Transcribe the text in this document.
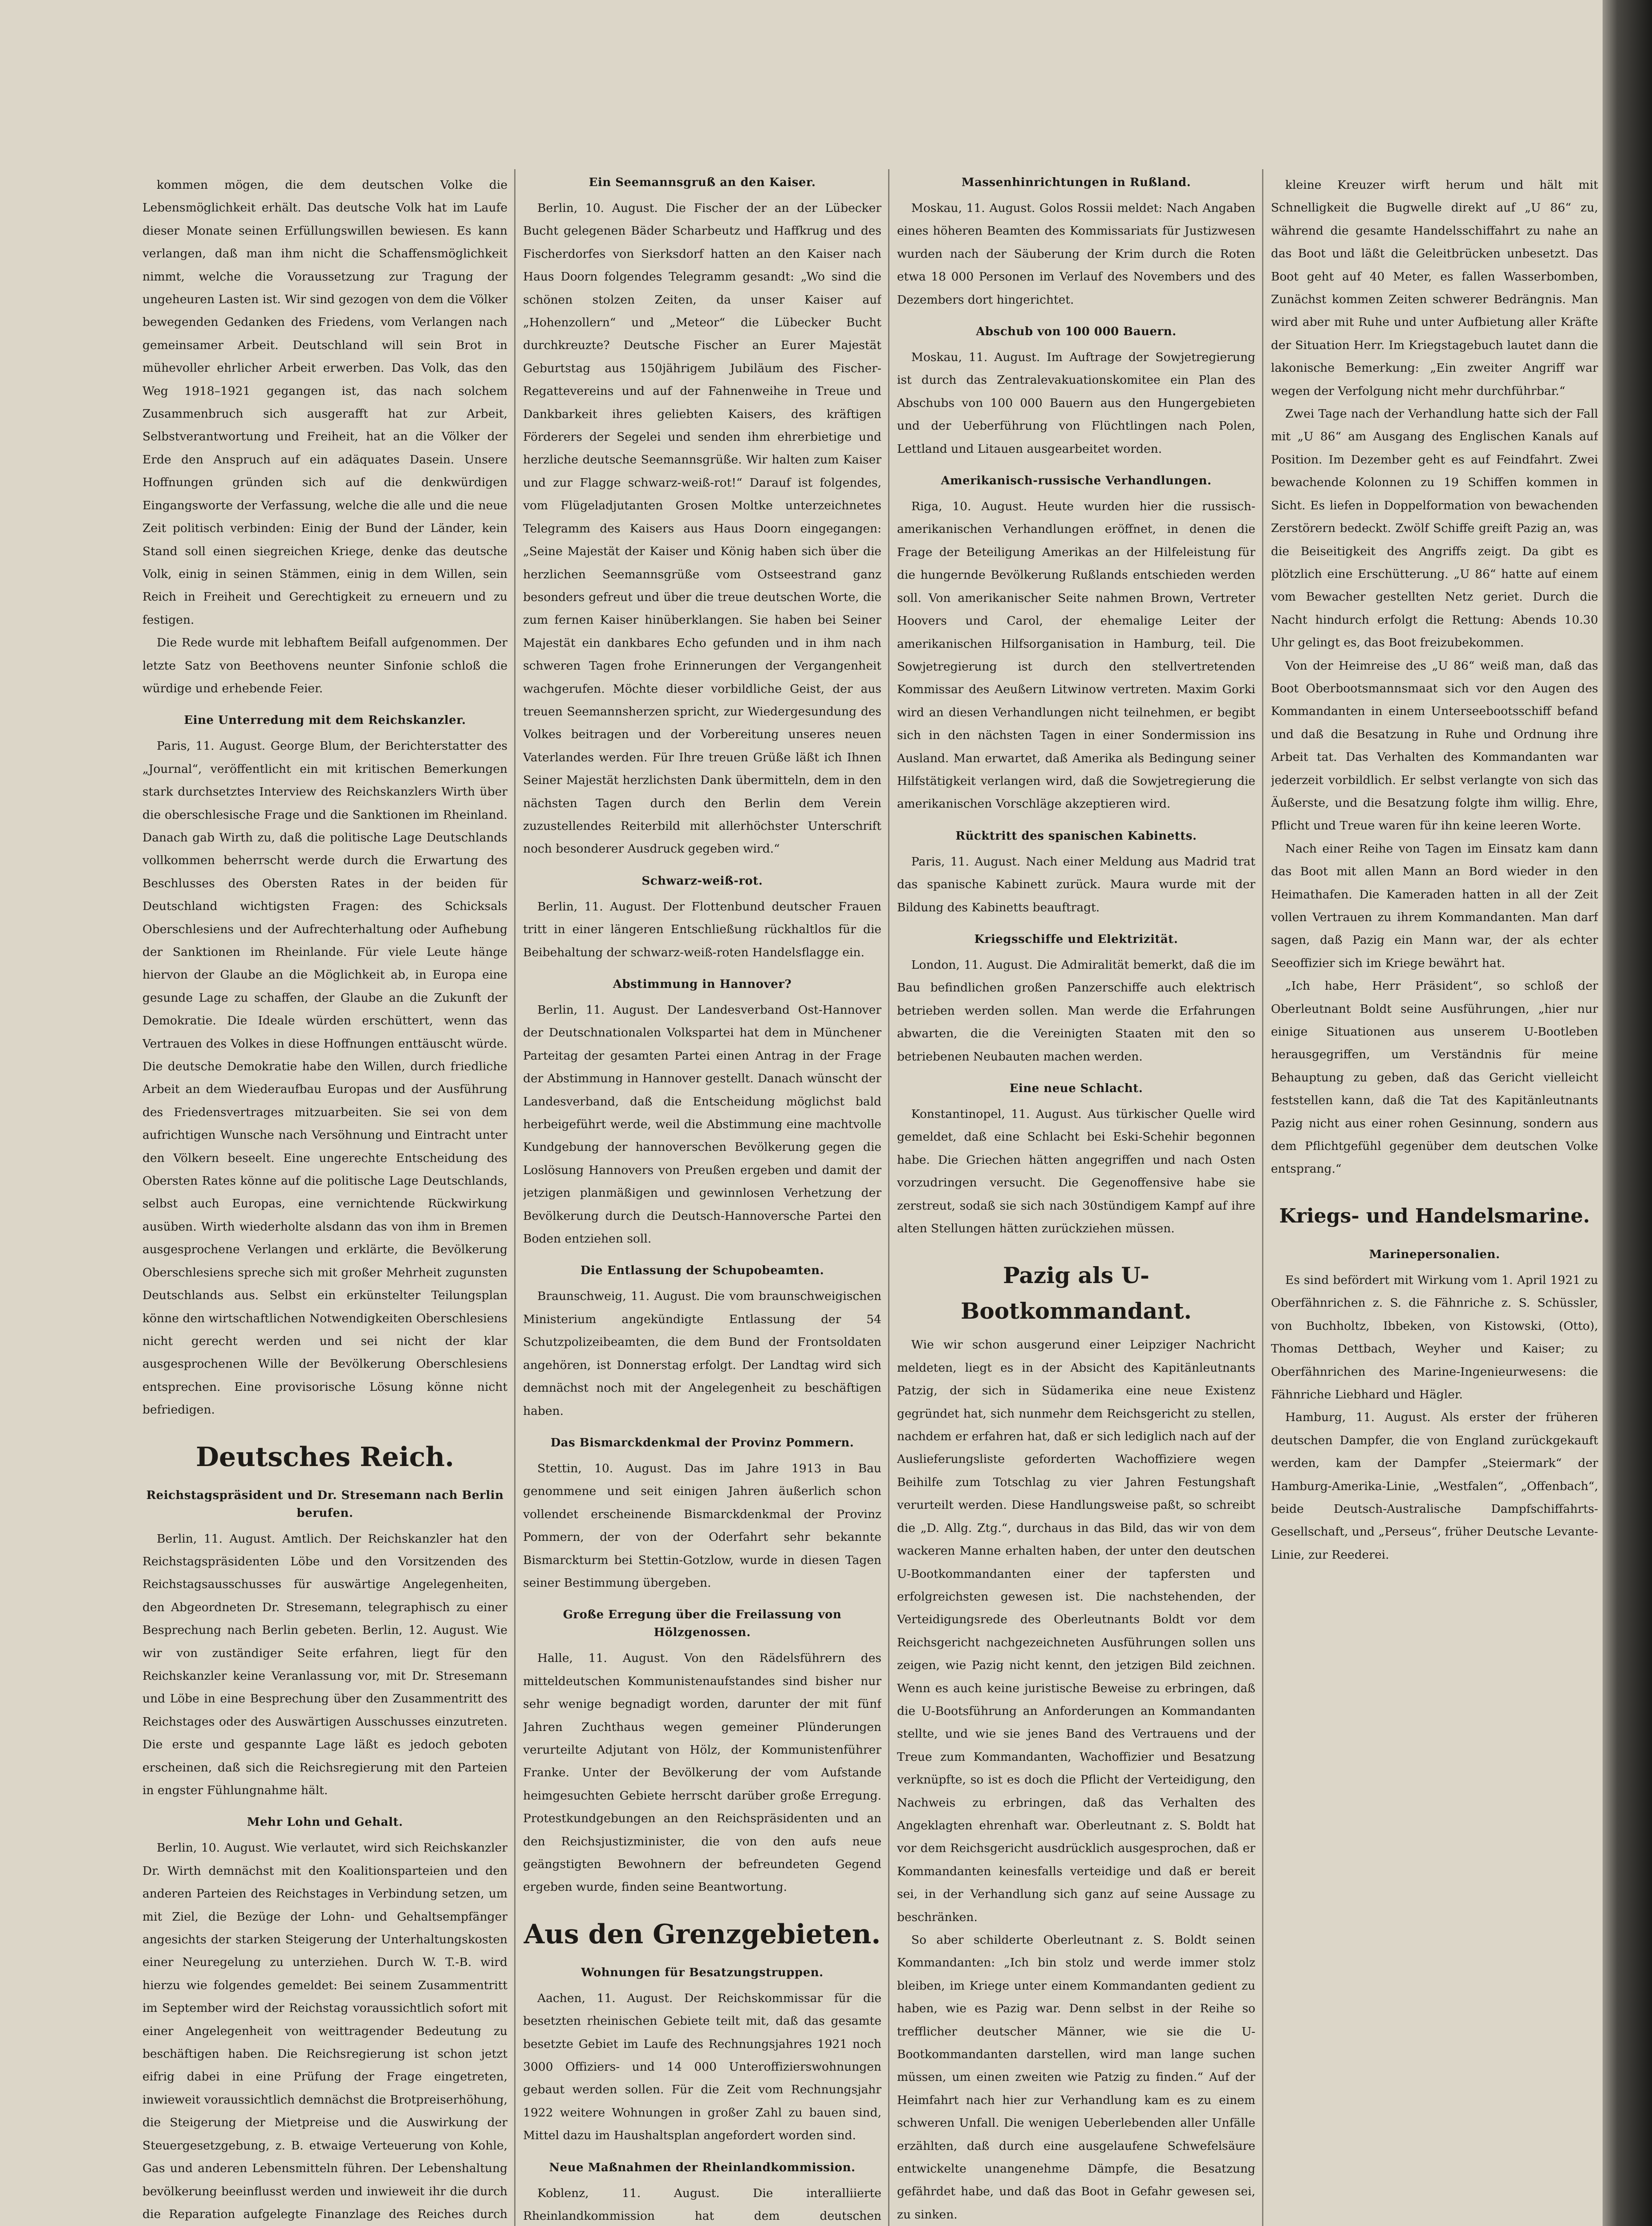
kommen mögen, die dem deutschen Volke die Lebensmöglichkeit erhält. Das deutsche Volk hat im Laufe dieser Monate seinen Erfüllungswillen bewiesen. Es kann verlangen, daß man ihm nicht die Schaffensmöglichkeit nimmt, welche die Voraussetzung zur Tragung der ungeheuren Lasten ist. Wir sind gezogen von dem die Völker bewegenden Gedanken des Friedens, vom Verlangen nach gemeinsamer Arbeit. Deutschland will sein Brot in mühevoller ehrlicher Arbeit erwerben. Das Volk, das den Weg 1918–1921 gegangen ist, das nach solchem Zusammenbruch sich ausgerafft hat zur Arbeit, Selbstverantwortung und Freiheit, hat an die Völker der Erde den Anspruch auf ein adäquates Dasein. Unsere Hoffnungen gründen sich auf die denkwürdigen Eingangsworte der Verfassung, welche die alle und die neue Zeit politisch verbinden: Einig der Bund der Länder, kein Stand soll einen siegreichen Kriege, denke das deutsche Volk, einig in seinen Stämmen, einig in dem Willen, sein Reich in Freiheit und Gerechtigkeit zu erneuern und zu festigen.

Die Rede wurde mit lebhaftem Beifall aufgenommen. Der letzte Satz von Beethovens neunter Sinfonie schloß die würdige und erhebende Feier.

Eine Unterredung mit dem Reichskanzler.

Paris, 11. August. George Blum, der Berichterstatter des „Journal“, veröffentlicht ein mit kritischen Bemerkungen stark durchsetztes Interview des Reichskanzlers Wirth über die oberschlesische Frage und die Sanktionen im Rheinland. Danach gab Wirth zu, daß die politische Lage Deutschlands vollkommen beherrscht werde durch die Erwartung des Beschlusses des Obersten Rates in der beiden für Deutschland wichtigsten Fragen: des Schicksals Oberschlesiens und der Aufrechterhaltung oder Aufhebung der Sanktionen im Rheinlande. Für viele Leute hänge hiervon der Glaube an die Möglichkeit ab, in Europa eine gesunde Lage zu schaffen, der Glaube an die Zukunft der Demokratie. Die Ideale würden erschüttert, wenn das Vertrauen des Volkes in diese Hoffnungen enttäuscht würde. Die deutsche Demokratie habe den Willen, durch friedliche Arbeit an dem Wiederaufbau Europas und der Ausführung des Friedensvertrages mitzuarbeiten. Sie sei von dem aufrichtigen Wunsche nach Versöhnung und Eintracht unter den Völkern beseelt. Eine ungerechte Entscheidung des Obersten Rates könne auf die politische Lage Deutschlands, selbst auch Europas, eine vernichtende Rückwirkung ausüben. Wirth wiederholte alsdann das von ihm in Bremen ausgesprochene Verlangen und erklärte, die Bevölkerung Oberschlesiens spreche sich mit großer Mehrheit zugunsten Deutschlands aus. Selbst ein erkünstelter Teilungsplan könne den wirtschaftlichen Notwendigkeiten Oberschlesiens nicht gerecht werden und sei nicht der klar ausgesprochenen Wille der Bevölkerung Oberschlesiens entsprechen. Eine provisorische Lösung könne nicht befriedigen.

Deutsches Reich.
Reichstagspräsident und Dr. Stresemann nach Berlin berufen.

Berlin, 11. August. Amtlich. Der Reichskanzler hat den Reichstagspräsidenten Löbe und den Vorsitzenden des Reichstagsausschusses für auswärtige Angelegenheiten, den Abgeordneten Dr. Stresemann, telegraphisch zu einer Besprechung nach Berlin gebeten. Berlin, 12. August. Wie wir von zuständiger Seite erfahren, liegt für den Reichskanzler keine Veranlassung vor, mit Dr. Stresemann und Löbe in eine Besprechung über den Zusammentritt des Reichstages oder des Auswärtigen Ausschusses einzutreten. Die erste und gespannte Lage läßt es jedoch geboten erscheinen, daß sich die Reichsregierung mit den Parteien in engster Fühlungnahme hält.

Mehr Lohn und Gehalt.

Berlin, 10. August. Wie verlautet, wird sich Reichskanzler Dr. Wirth demnächst mit den Koalitionsparteien und den anderen Parteien des Reichstages in Verbindung setzen, um mit Ziel, die Bezüge der Lohn- und Gehaltsempfänger angesichts der starken Steigerung der Unterhaltungskosten einer Neuregelung zu unterziehen. Durch W. T.-B. wird hierzu wie folgendes gemeldet: Bei seinem Zusammentritt im September wird der Reichstag voraussichtlich sofort mit einer Angelegenheit von weittragender Bedeutung zu beschäftigen haben. Die Reichsregierung ist schon jetzt eifrig dabei in eine Prüfung der Frage eingetreten, inwieweit voraussichtlich demnächst die Brotpreiserhöhung, die Steigerung der Mietpreise und die Auswirkung der Steuergesetzgebung, z. B. etwaige Verteuerung von Kohle, Gas und anderen Lebensmitteln führen. Der Lebenshaltung bevölkerung beeinflusst werden und inwieweit ihr die durch die Reparation aufgelegte Finanzlage des Reiches durch

Ein Seemannsgruß an den Kaiser.

Berlin, 10. August. Die Fischer der an der Lübecker Bucht gelegenen Bäder Scharbeutz und Haffkrug und des Fischerdorfes von Sierksdorf hatten an den Kaiser nach Haus Doorn folgendes Telegramm gesandt: „Wo sind die schönen stolzen Zeiten, da unser Kaiser auf „Hohenzollern“ und „Meteor“ die Lübecker Bucht durchkreuzte? Deutsche Fischer an Eurer Majestät Geburtstag aus 150jährigem Jubiläum des Fischer-Regattevereins und auf der Fahnenweihe in Treue und Dankbarkeit ihres geliebten Kaisers, des kräftigen Förderers der Segelei und senden ihm ehrerbietige und herzliche deutsche Seemannsgrüße. Wir halten zum Kaiser und zur Flagge schwarz-weiß-rot!“ Darauf ist folgendes, vom Flügeladjutanten Grosen Moltke unterzeichnetes Telegramm des Kaisers aus Haus Doorn eingegangen: „Seine Majestät der Kaiser und König haben sich über die herzlichen Seemannsgrüße vom Ostseestrand ganz besonders gefreut und über die treue deutschen Worte, die zum fernen Kaiser hinüberklangen. Sie haben bei Seiner Majestät ein dankbares Echo gefunden und in ihm nach schweren Tagen frohe Erinnerungen der Vergangenheit wachgerufen. Möchte dieser vorbildliche Geist, der aus treuen Seemannsherzen spricht, zur Wiedergesundung des Volkes beitragen und der Vorbereitung unseres neuen Vaterlandes werden. Für Ihre treuen Grüße läßt ich Ihnen Seiner Majestät herzlichsten Dank übermitteln, dem in den nächsten Tagen durch den Berlin dem Verein zuzustellendes Reiterbild mit allerhöchster Unterschrift noch besonderer Ausdruck gegeben wird.“

Schwarz-weiß-rot.

Berlin, 11. August. Der Flottenbund deutscher Frauen tritt in einer längeren Entschließung rückhaltlos für die Beibehaltung der schwarz-weiß-roten Handelsflagge ein.

Abstimmung in Hannover?

Berlin, 11. August. Der Landesverband Ost-Hannover der Deutschnationalen Volkspartei hat dem in Münchener Parteitag der gesamten Partei einen Antrag in der Frage der Abstimmung in Hannover gestellt. Danach wünscht der Landesverband, daß die Entscheidung möglichst bald herbeigeführt werde, weil die Abstimmung eine machtvolle Kundgebung der hannoverschen Bevölkerung gegen die Loslösung Hannovers von Preußen ergeben und damit der jetzigen planmäßigen und gewinnlosen Verhetzung der Bevölkerung durch die Deutsch-Hannoversche Partei den Boden entziehen soll.

Die Entlassung der Schupobeamten.

Braunschweig, 11. August. Die vom braunschweigischen Ministerium angekündigte Entlassung der 54 Schutzpolizeibeamten, die dem Bund der Frontsoldaten angehören, ist Donnerstag erfolgt. Der Landtag wird sich demnächst noch mit der Angelegenheit zu beschäftigen haben.

Das Bismarckdenkmal der Provinz Pommern.

Stettin, 10. August. Das im Jahre 1913 in Bau genommene und seit einigen Jahren äußerlich schon vollendet erscheinende Bismarckdenkmal der Provinz Pommern, der von der Oderfahrt sehr bekannte Bismarckturm bei Stettin-Gotzlow, wurde in diesen Tagen seiner Bestimmung übergeben.

Große Erregung über die Freilassung von Hölzgenossen.

Halle, 11. August. Von den Rädelsführern des mitteldeutschen Kommunistenaufstandes sind bisher nur sehr wenige begnadigt worden, darunter der mit fünf Jahren Zuchthaus wegen gemeiner Plünderungen verurteilte Adjutant von Hölz, der Kommunistenführer Franke. Unter der Bevölkerung der vom Aufstande heimgesuchten Gebiete herrscht darüber große Erregung. Protestkundgebungen an den Reichspräsidenten und an den Reichsjustizminister, die von den aufs neue geängstigten Bewohnern der befreundeten Gegend ergeben wurde, finden seine Beantwortung.

Aus den Grenzgebieten.
Wohnungen für Besatzungstruppen.

Aachen, 11. August. Der Reichskommissar für die besetzten rheinischen Gebiete teilt mit, daß das gesamte besetzte Gebiet im Laufe des Rechnungsjahres 1921 noch 3000 Offiziers- und 14 000 Unteroffizierswohnungen gebaut werden sollen. Für die Zeit vom Rechnungsjahr 1922 weitere Wohnungen in großer Zahl zu bauen sind, Mittel dazu im Haushaltsplan angefordert worden sind.

Neue Maßnahmen der Rheinlandkommission.

Koblenz, 11. August. Die interalliierte Rheinlandkommission hat dem deutschen

Massenhinrichtungen in Rußland.

Moskau, 11. August. Golos Rossii meldet: Nach Angaben eines höheren Beamten des Kommissariats für Justizwesen wurden nach der Säuberung der Krim durch die Roten etwa 18 000 Personen im Verlauf des Novembers und des Dezembers dort hingerichtet.

Abschub von 100 000 Bauern.

Moskau, 11. August. Im Auftrage der Sowjetregierung ist durch das Zentralevakuationskomitee ein Plan des Abschubs von 100 000 Bauern aus den Hungergebieten und der Ueberführung von Flüchtlingen nach Polen, Lettland und Litauen ausgearbeitet worden.

Amerikanisch-russische Verhandlungen.

Riga, 10. August. Heute wurden hier die russisch-amerikanischen Verhandlungen eröffnet, in denen die Frage der Beteiligung Amerikas an der Hilfeleistung für die hungernde Bevölkerung Rußlands entschieden werden soll. Von amerikanischer Seite nahmen Brown, Vertreter Hoovers und Carol, der ehemalige Leiter der amerikanischen Hilfsorganisation in Hamburg, teil. Die Sowjetregierung ist durch den stellvertretenden Kommissar des Aeußern Litwinow vertreten. Maxim Gorki wird an diesen Verhandlungen nicht teilnehmen, er begibt sich in den nächsten Tagen in einer Sondermission ins Ausland. Man erwartet, daß Amerika als Bedingung seiner Hilfstätigkeit verlangen wird, daß die Sowjetregierung die amerikanischen Vorschläge akzeptieren wird.

Rücktritt des spanischen Kabinetts.

Paris, 11. August. Nach einer Meldung aus Madrid trat das spanische Kabinett zurück. Maura wurde mit der Bildung des Kabinetts beauftragt.

Kriegsschiffe und Elektrizität.

London, 11. August. Die Admiralität bemerkt, daß die im Bau befindlichen großen Panzerschiffe auch elektrisch betrieben werden sollen. Man werde die Erfahrungen abwarten, die die Vereinigten Staaten mit den so betriebenen Neubauten machen werden.

Eine neue Schlacht.

Konstantinopel, 11. August. Aus türkischer Quelle wird gemeldet, daß eine Schlacht bei Eski-Schehir begonnen habe. Die Griechen hätten angegriffen und nach Osten vorzudringen versucht. Die Gegenoffensive habe sie zerstreut, sodaß sie sich nach 30stündigem Kampf auf ihre alten Stellungen hätten zurückziehen müssen.

Pazig als U-Bootkommandant.

Wie wir schon ausgerund einer Leipziger Nachricht meldeten, liegt es in der Absicht des Kapitänleutnants Patzig, der sich in Südamerika eine neue Existenz gegründet hat, sich nunmehr dem Reichsgericht zu stellen, nachdem er erfahren hat, daß er sich lediglich nach auf der Auslieferungsliste geforderten Wachoffiziere wegen Beihilfe zum Totschlag zu vier Jahren Festungshaft verurteilt werden. Diese Handlungsweise paßt, so schreibt die „D. Allg. Ztg.“, durchaus in das Bild, das wir von dem wackeren Manne erhalten haben, der unter den deutschen U-Bootkommandanten einer der tapfersten und erfolgreichsten gewesen ist. Die nachstehenden, der Verteidigungsrede des Oberleutnants Boldt vor dem Reichsgericht nachgezeichneten Ausführungen sollen uns zeigen, wie Pazig nicht kennt, den jetzigen Bild zeichnen. Wenn es auch keine juristische Beweise zu erbringen, daß die U-Bootsführung an Anforderungen an Kommandanten stellte, und wie sie jenes Band des Vertrauens und der Treue zum Kommandanten, Wachoffizier und Besatzung verknüpfte, so ist es doch die Pflicht der Verteidigung, den Nachweis zu erbringen, daß das Verhalten des Angeklagten ehrenhaft war. Oberleutnant z. S. Boldt hat vor dem Reichsgericht ausdrücklich ausgesprochen, daß er Kommandanten keinesfalls verteidige und daß er bereit sei, in der Verhandlung sich ganz auf seine Aussage zu beschränken.

So aber schilderte Oberleutnant z. S. Boldt seinen Kommandanten: „Ich bin stolz und werde immer stolz bleiben, im Kriege unter einem Kommandanten gedient zu haben, wie es Pazig war. Denn selbst in der Reihe so trefflicher deutscher Männer, wie sie die U-Bootkommandanten darstellen, wird man lange suchen müssen, um einen zweiten wie Patzig zu finden.“ Auf der Heimfahrt nach hier zur Verhandlung kam es zu einem schweren Unfall. Die wenigen Ueberlebenden aller Unfälle erzählten, daß durch eine ausgelaufene Schwefelsäure entwickelte unangenehme Dämpfe, die Besatzung gefährdet habe, und daß das Boot in Gefahr gewesen sei, zu sinken.

kleine Kreuzer wirft herum und hält mit Schnelligkeit die Bugwelle direkt auf „U 86“ zu, während die gesamte Handelsschiffahrt zu nahe an das Boot und läßt die Geleitbrücken unbesetzt. Das Boot geht auf 40 Meter, es fallen Wasserbomben, Zunächst kommen Zeiten schwerer Bedrängnis. Man wird aber mit Ruhe und unter Aufbietung aller Kräfte der Situation Herr. Im Kriegstagebuch lautet dann die lakonische Bemerkung: „Ein zweiter Angriff war wegen der Verfolgung nicht mehr durchführbar.“

Zwei Tage nach der Verhandlung hatte sich der Fall mit „U 86“ am Ausgang des Englischen Kanals auf Position. Im Dezember geht es auf Feindfahrt. Zwei bewachende Kolonnen zu 19 Schiffen kommen in Sicht. Es liefen in Doppelformation von bewachenden Zerstörern bedeckt. Zwölf Schiffe greift Pazig an, was die Beiseitigkeit des Angriffs zeigt. Da gibt es plötzlich eine Erschütterung. „U 86“ hatte auf einem vom Bewacher gestellten Netz geriet. Durch die Nacht hindurch erfolgt die Rettung: Abends 10.30 Uhr gelingt es, das Boot freizubekommen.

Von der Heimreise des „U 86“ weiß man, daß das Boot Oberbootsmannsmaat sich vor den Augen des Kommandanten in einem Unterseebootsschiff befand und daß die Besatzung in Ruhe und Ordnung ihre Arbeit tat. Das Verhalten des Kommandanten war jederzeit vorbildlich. Er selbst verlangte von sich das Äußerste, und die Besatzung folgte ihm willig. Ehre, Pflicht und Treue waren für ihn keine leeren Worte.

Nach einer Reihe von Tagen im Einsatz kam dann das Boot mit allen Mann an Bord wieder in den Heimathafen. Die Kameraden hatten in all der Zeit vollen Vertrauen zu ihrem Kommandanten. Man darf sagen, daß Pazig ein Mann war, der als echter Seeoffizier sich im Kriege bewährt hat.

„Ich habe, Herr Präsident“, so schloß der Oberleutnant Boldt seine Ausführungen, „hier nur einige Situationen aus unserem U-Bootleben herausgegriffen, um Verständnis für meine Behauptung zu geben, daß das Gericht vielleicht feststellen kann, daß die Tat des Kapitänleutnants Pazig nicht aus einer rohen Gesinnung, sondern aus dem Pflichtgefühl gegenüber dem deutschen Volke entsprang.“

Kriegs- und Handelsmarine.
Marinepersonalien.

Es sind befördert mit Wirkung vom 1. April 1921 zu Oberfähnrichen z. S. die Fähnriche z. S. Schüssler, von Buchholtz, Ibbeken, von Kistowski, (Otto), Thomas Dettbach, Weyher und Kaiser; zu Oberfähnrichen des Marine-Ingenieurwesens: die Fähnriche Liebhard und Hägler.

Hamburg, 11. August. Als erster der früheren deutschen Dampfer, die von England zurückgekauft werden, kam der Dampfer „Steiermark“ der Hamburg-Amerika-Linie, „Westfalen“, „Offenbach“, beide Deutsch-Australische Dampfschiffahrts-Gesellschaft, und „Perseus“, früher Deutsche Levante-Linie, zur Reederei.
